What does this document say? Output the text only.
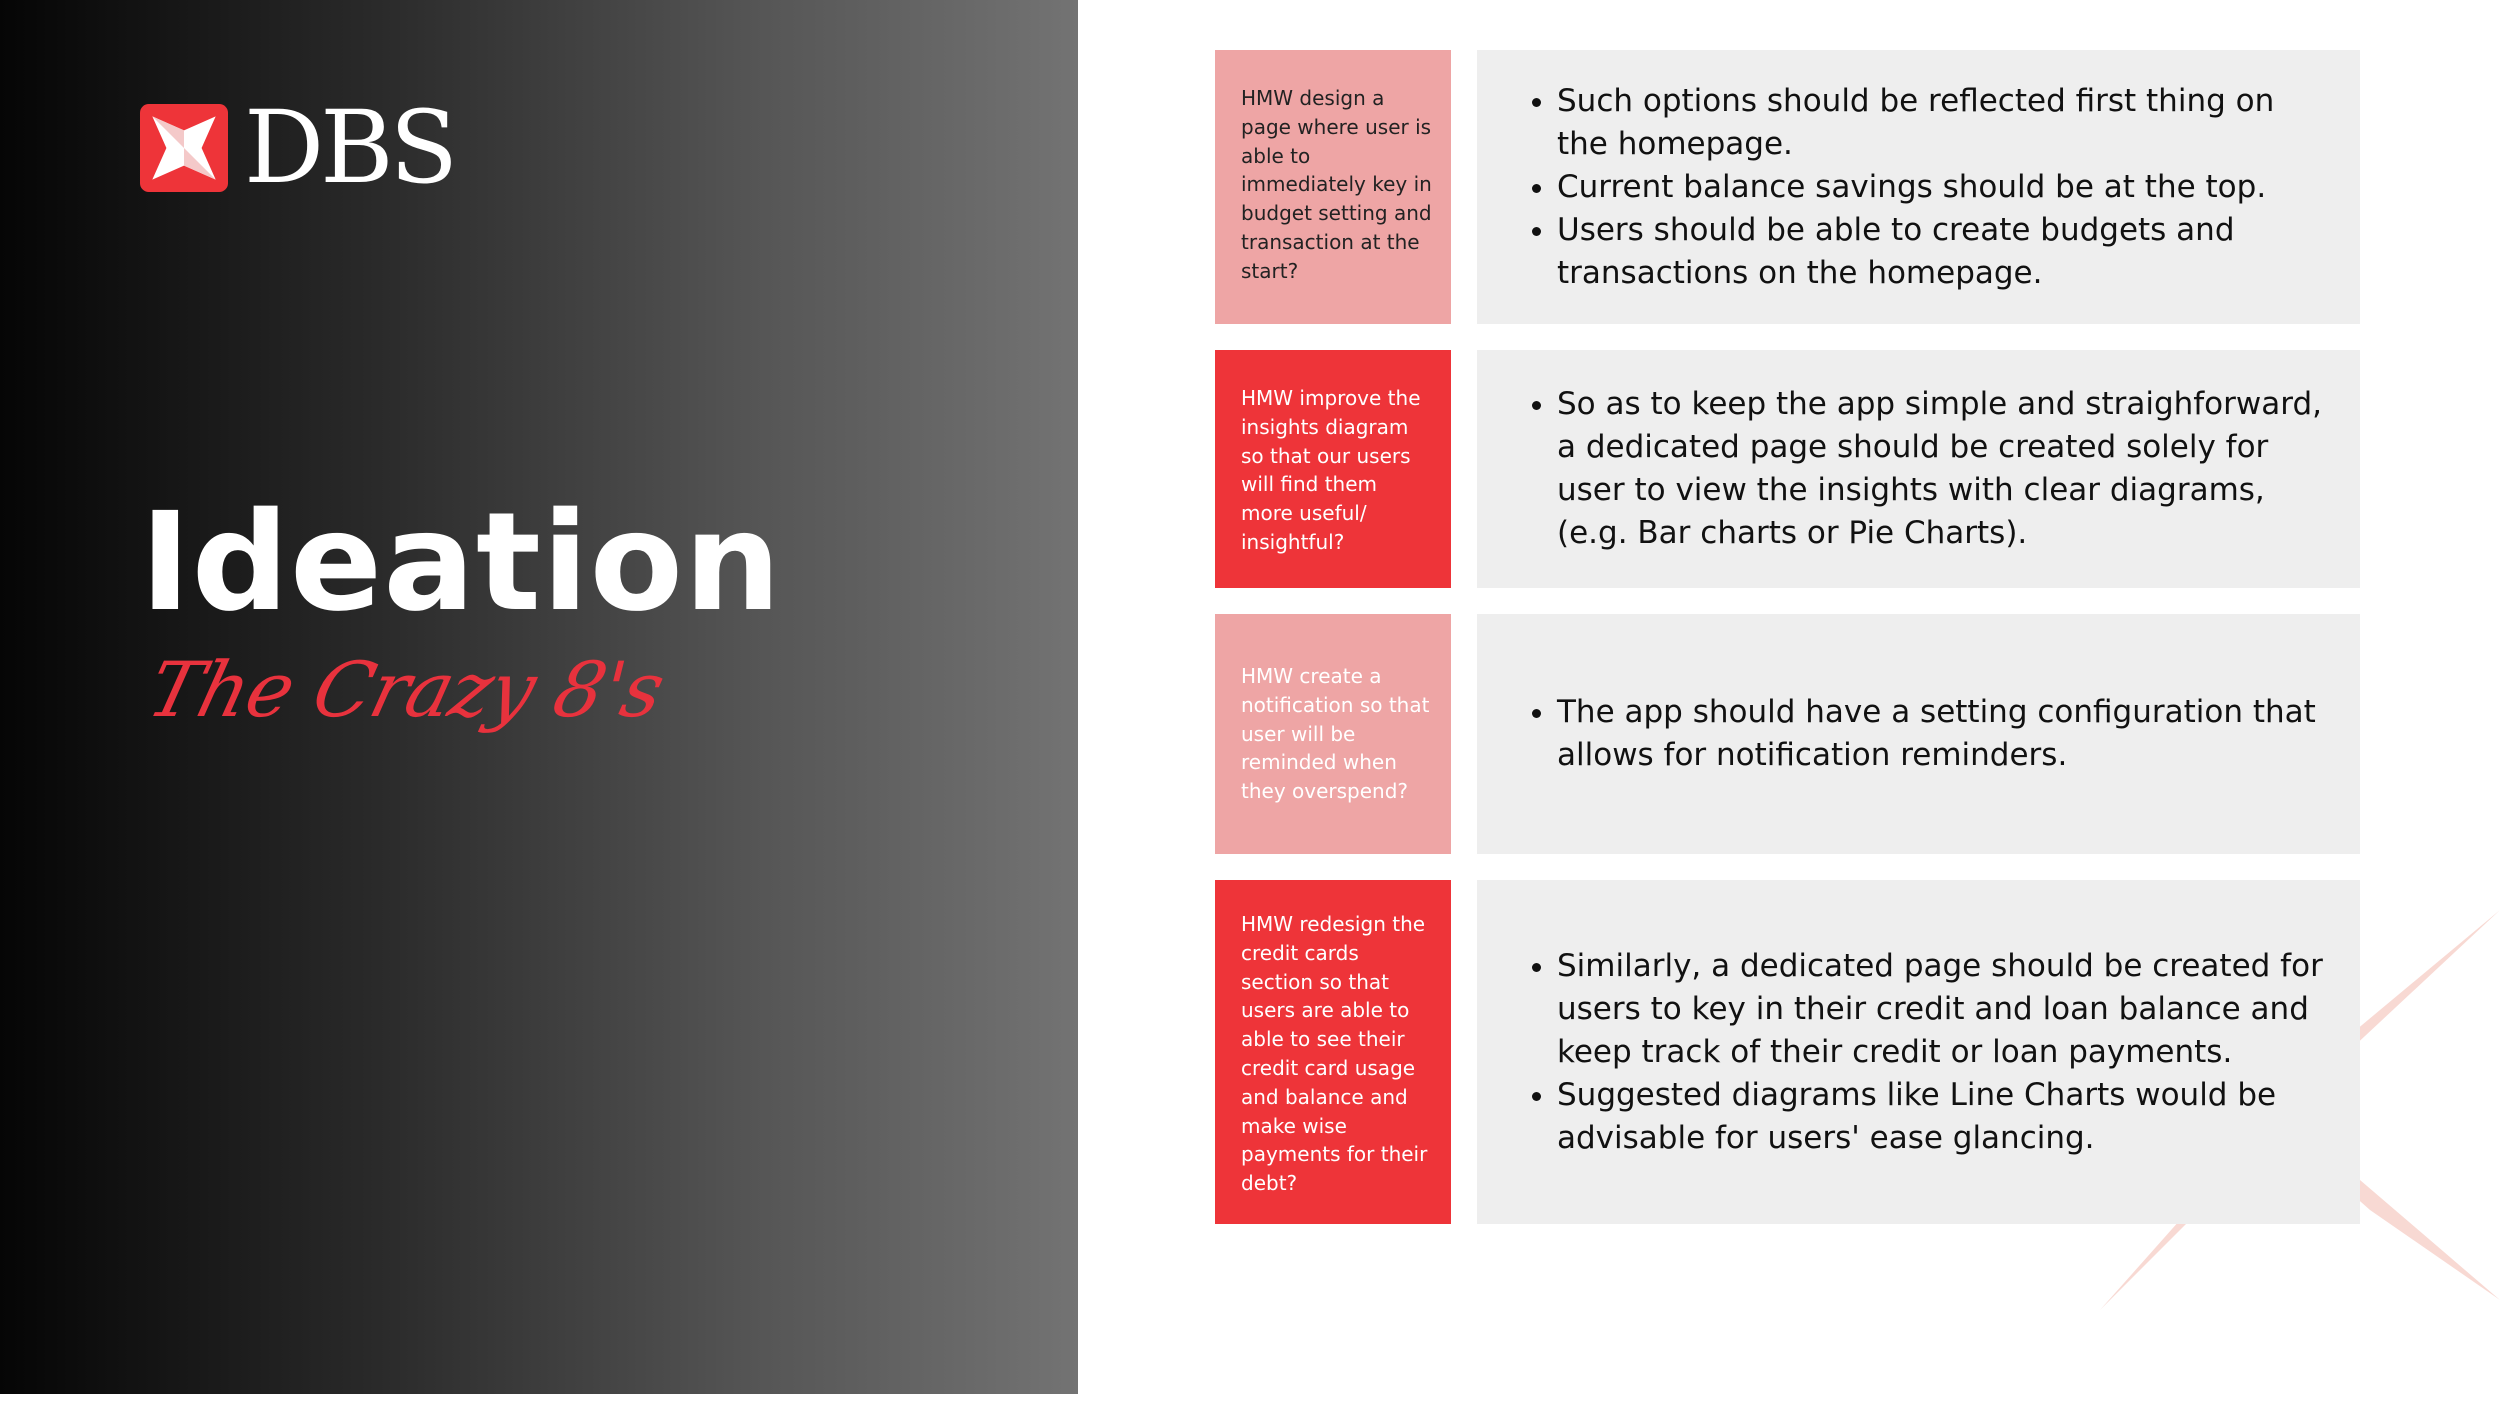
DBS
Ideation

The Crazy 8's

HMW design a page where user is able to immediately key in budget setting and transaction at the start?
• Such options should be reflected first thing on the homepage.
• Current balance savings should be at the top.
• Users should be able to create budgets and transactions on the homepage.
HMW improve the insights diagram so that our users will find them more useful/ insightful?
• So as to keep the app simple and straighforward, a dedicated page should be created solely for user to view the insights with clear diagrams, (e.g. Bar charts or Pie Charts).
HMW create a notification so that user will be reminded when they overspend?
• The app should have a setting configuration that allows for notification reminders.
HMW redesign the credit cards section so that users are able to able to see their credit card usage and balance and make wise payments for their debt?
• Similarly, a dedicated page should be created for users to key in their credit and loan balance and keep track of their credit or loan payments.
• Suggested diagrams like Line Charts would be advisable for users' ease glancing.
